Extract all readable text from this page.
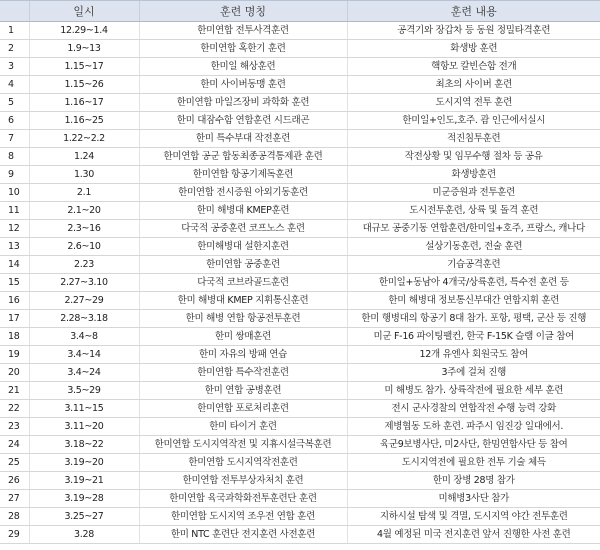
	일시	훈련 명칭	훈련 내용
1	12.29~1.4	한미연합 전투사격훈련	공격기와 장갑차 등 동원 정밀타격훈련
2	1.9~13	한미연합 혹한기 훈련	화생방 훈련
3	1.15~17	한미일 해상훈련	핵항모 칼빈슨함 전개
4	1.15~26	한미 사이버동맹 훈련	최초의 사이버 훈련
5	1.16~17	한미연합 마일즈장비 과학화 훈련	도시지역 전투 훈련
6	1.16~25	한미 대잠수함 연합훈련 시드래곤	한미일+인도,호주. 괌 인근에서실시
7	1.22~2.2	한미 특수부대 작전훈련	적진침투훈련
8	1.24	한미연합 공군 합동최종공격통제관 훈련	작전상황 및 임무수행 절차 등 공유
9	1.30	한미연합 항공기제독훈련	화생방훈련
10	2.1	한미연합 전시증원 아외기동훈련	미군증원과 전투훈련
11	2.1~20	한미 해병대 KMEP훈련	도시전투훈련, 상륙 및 돌격 훈련
12	2.3~16	다국적 공중훈련 코프노스 훈련	대규모 공중기동 연합훈련/한미일+호주, 프랑스, 캐나다
13	2.6~10	한미해병대 설한지훈련	설상기동훈련, 전술 훈련
14	2.23	한미연합 공중훈련	기습공격훈련
15	2.27~3.10	다국적 코브라골드훈련	한미일+동남아 4개국/상륙훈련, 특수전 훈련 등
16	2.27~29	한미 해병대 KMEP 지휘통신훈련	한미 해병대 정보통신부대간 연합지휘 훈련
17	2.28~3.18	한미 해병 연합 항공전투훈련	한미 행병대의 항공기 8대 참가. 포항, 평택, 군산 등 진행
18	3.4~8	한미 쌍매훈련	미군 F-16 파이팅팰컨, 한국 F-15K 슬램 이글 참여
19	3.4~14	한미 자유의 방패 연습	12개 유엔사 회원국도 참여
20	3.4~24	한미연합 특수작전훈련	3주에 걸쳐 진행
21	3.5~29	한미 연합 공병훈련	미 해병도 참가. 상륙작전에 필요한 세부 훈련
22	3.11~15	한미연합 포로처리훈련	전시 군사경찰의 연합작전 수행 능력 강화
23	3.11~20	한미 타이거 훈련	제병협동 도하 훈련. 파주시 임진강 일대에서.
24	3.18~22	한미연합 도시지역작전 및 지휴시설극복훈련	육군9보병사단, 미2사단, 한밈연합사단 등 참여
25	3.19~20	한미연합 도시지역작전훈련	도시지역전에 필요한 전투 기술 체득
26	3.19~21	한미연합 전투부상자처치 훈련	한미 장병 28명 참가
27	3.19~28	한미연합 육국과학화전투훈련단 훈련	미해병3사단 참가
28	3.25~27	한미연합 도시지역 조우전 연합 훈련	지하시설 탐색 및 격멸, 도시지역 야간 전투훈련
29	3.28	한미 NTC 훈련단 전지훈련 사전훈련	4월 예정된 미국 전지훈련 앞서 진행한 사전 훈련
